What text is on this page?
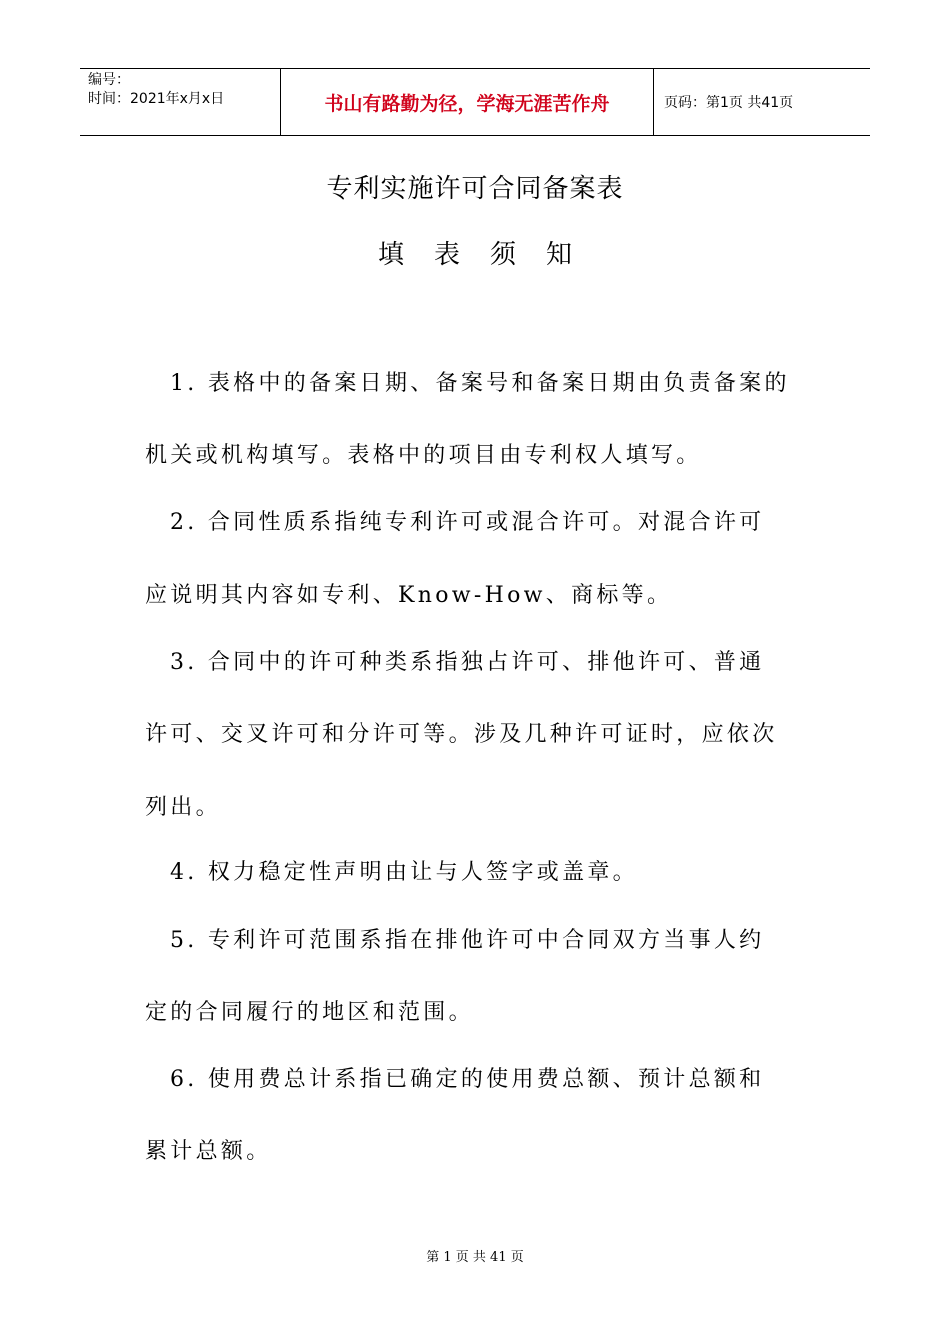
编号：
时间：2021年x月x日	书山有路勤为径，学海无涯苦作舟	页码：第1页 共41页
专利实施许可合同备案表
填表须知
1. 表格中的备案日期、备案号和备案日期由负责备案的
机关或机构填写。表格中的项目由专利权人填写。
2. 合同性质系指纯专利许可或混合许可。对混合许可
应说明其内容如专利、Know-How、商标等。
3. 合同中的许可种类系指独占许可、排他许可、普通
许可、交叉许可和分许可等。涉及几种许可证时，应依次
列出。
4. 权力稳定性声明由让与人签字或盖章。
5. 专利许可范围系指在排他许可中合同双方当事人约
定的合同履行的地区和范围。
6. 使用费总计系指已确定的使用费总额、预计总额和
累计总额。
第 1 页 共 41 页
